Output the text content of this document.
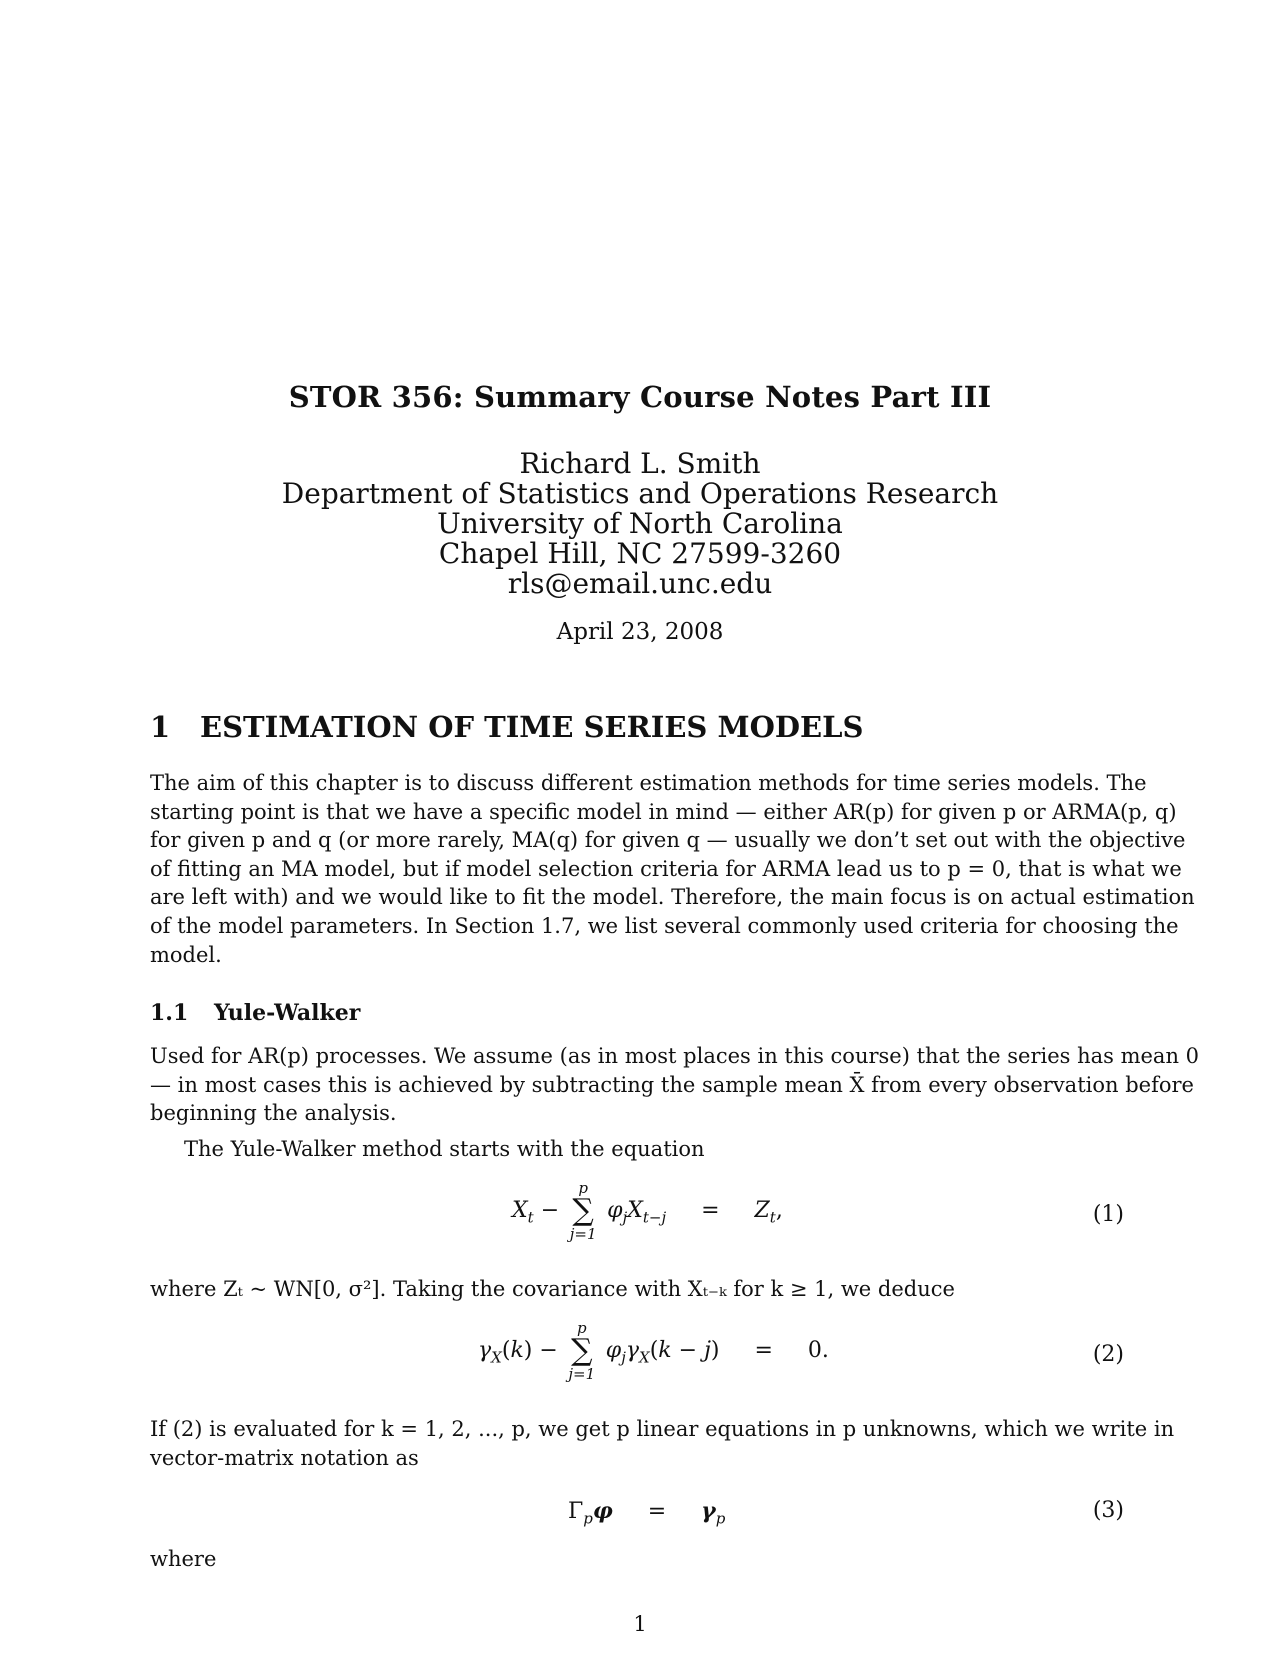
STOR 356: Summary Course Notes Part III
Richard L. Smith
Department of Statistics and Operations Research
University of North Carolina
Chapel Hill, NC 27599-3260
rls@email.unc.edu
April 23, 2008
1 ESTIMATION OF TIME SERIES MODELS
The aim of this chapter is to discuss different estimation methods for time series models. The
starting point is that we have a specific model in mind — either AR(p) for given p or ARMA(p, q)
for given p and q (or more rarely, MA(q) for given q — usually we don’t set out with the objective
of fitting an MA model, but if model selection criteria for ARMA lead us to p = 0, that is what we
are left with) and we would like to fit the model. Therefore, the main focus is on actual estimation
of the model parameters. In Section 1.7, we list several commonly used criteria for choosing the
model.
1.1 Yule-Walker
Used for AR(p) processes. We assume (as in most places in this course) that the series has mean 0
— in most cases this is achieved by subtracting the sample mean X̄ from every observation before
beginning the analysis.

The Yule-Walker method starts with the equation

$X_t$ −
p
∑
j=1
$\varphi_jX_{t-j}$     =     $Z_t$,	(1)

where Zₜ ~ WN[0, σ²]. Taking the covariance with Xₜ₋ₖ for k ≥ 1, we deduce

$\gamma_X(k)$ −
p
∑
j=1
$\varphi_j\gamma_X(k - j)$     =     0.	(2)
If (2) is evaluated for k = 1, 2, ..., p, we get p linear equations in p unknowns, which we write in
vector-matrix notation as
$\Gamma_p\varphi$     =     $\gamma_p$	(3)

where

1
